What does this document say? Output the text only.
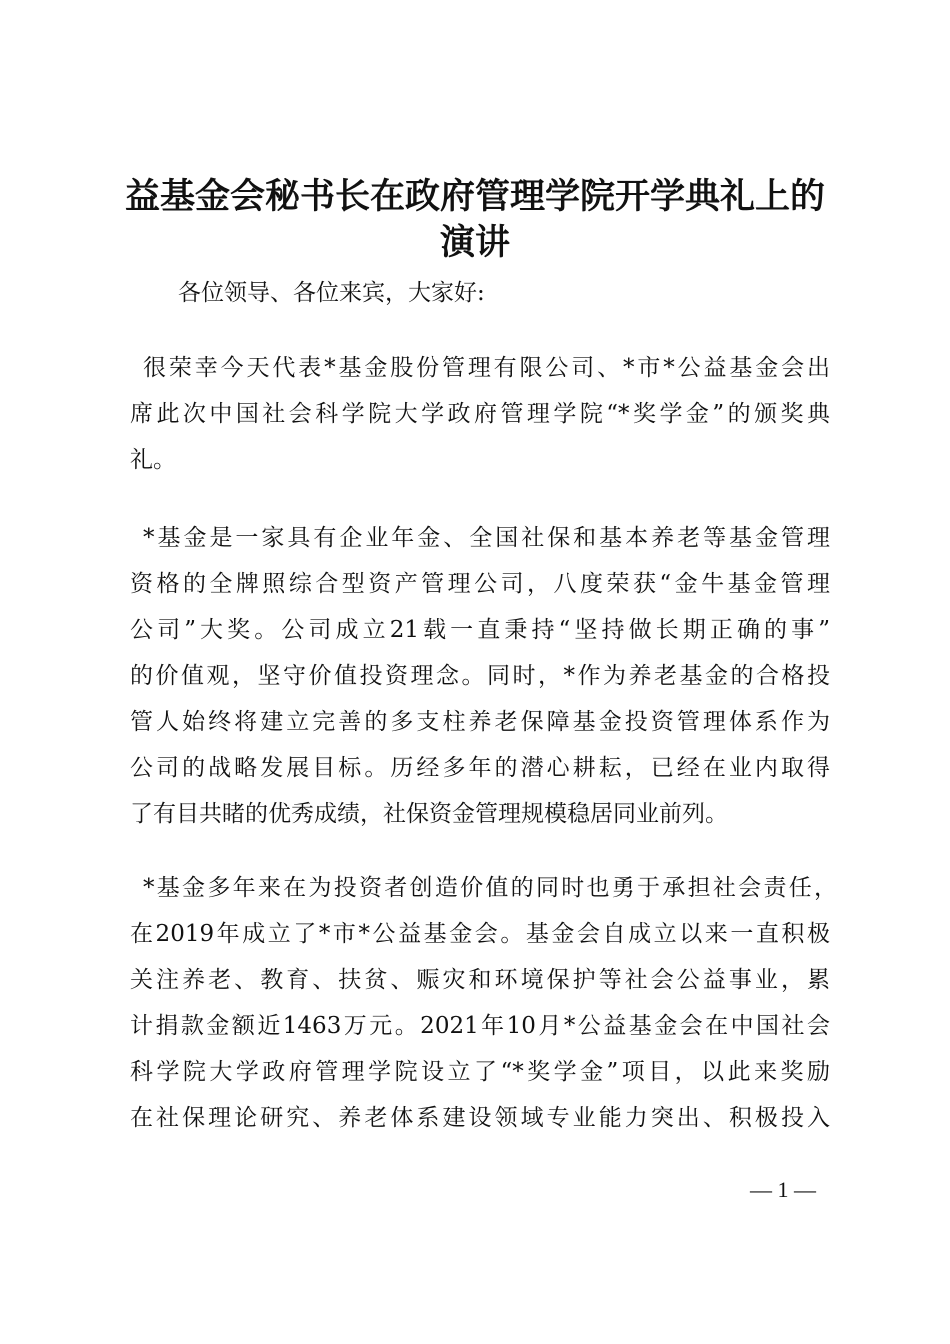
益基金会秘书长在政府管理学院开学典礼上的
演讲
各位领导、各位来宾，大家好:
很荣幸今天代表*基金股份管理有限公司、*市*公益基金会出
席此次中国社会科学院大学政府管理学院“*奖学金”的颁奖典
礼。
*基金是一家具有企业年金、全国社保和基本养老等基金管理
资格的全牌照综合型资产管理公司，八度荣获“金牛基金管理
公司”大奖。公司成立21载一直秉持“坚持做长期正确的事”
的价值观，坚守价值投资理念。同时，*作为养老基金的合格投
管人始终将建立完善的多支柱养老保障基金投资管理体系作为
公司的战略发展目标。历经多年的潜心耕耘，已经在业内取得
了有目共睹的优秀成绩，社保资金管理规模稳居同业前列。
*基金多年来在为投资者创造价值的同时也勇于承担社会责任，
在2019年成立了*市*公益基金会。基金会自成立以来一直积极
关注养老、教育、扶贫、赈灾和环境保护等社会公益事业，累
计捐款金额近1463万元。2021年10月*公益基金会在中国社会
科学院大学政府管理学院设立了“*奖学金”项目，以此来奖励
在社保理论研究、养老体系建设领域专业能力突出、积极投入
— 1 —
